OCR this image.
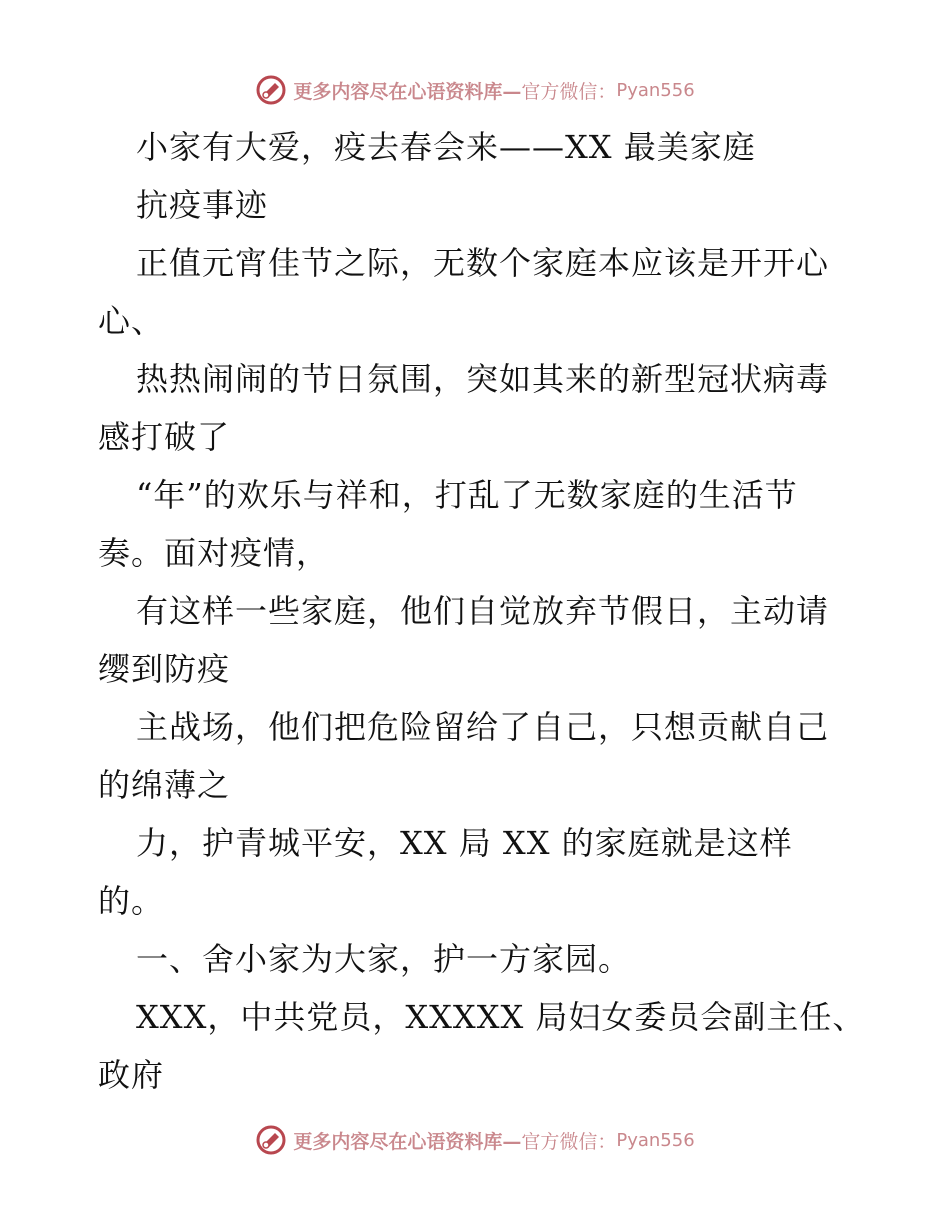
更多内容尽在心语资料库— 官方微信： Pyan556
小家有大爱，疫去春会来——XX 最美家庭
抗疫事迹
正值元宵佳节之际，无数个家庭本应该是开开心
心、
热热闹闹的节日氛围，突如其来的新型冠状病毒
感打破了
“年”的欢乐与祥和，打乱了无数家庭的生活节
奏。面对疫情，
有这样一些家庭，他们自觉放弃节假日，主动请
缨到防疫
主战场，他们把危险留给了自己，只想贡献自己
的绵薄之
力，护青城平安，XX 局 XX 的家庭就是这样
的。
一、舍小家为大家，护一方家园。
XXX，中共党员，XXXXX 局妇女委员会副主任、
政府
更多内容尽在心语资料库— 官方微信： Pyan556
